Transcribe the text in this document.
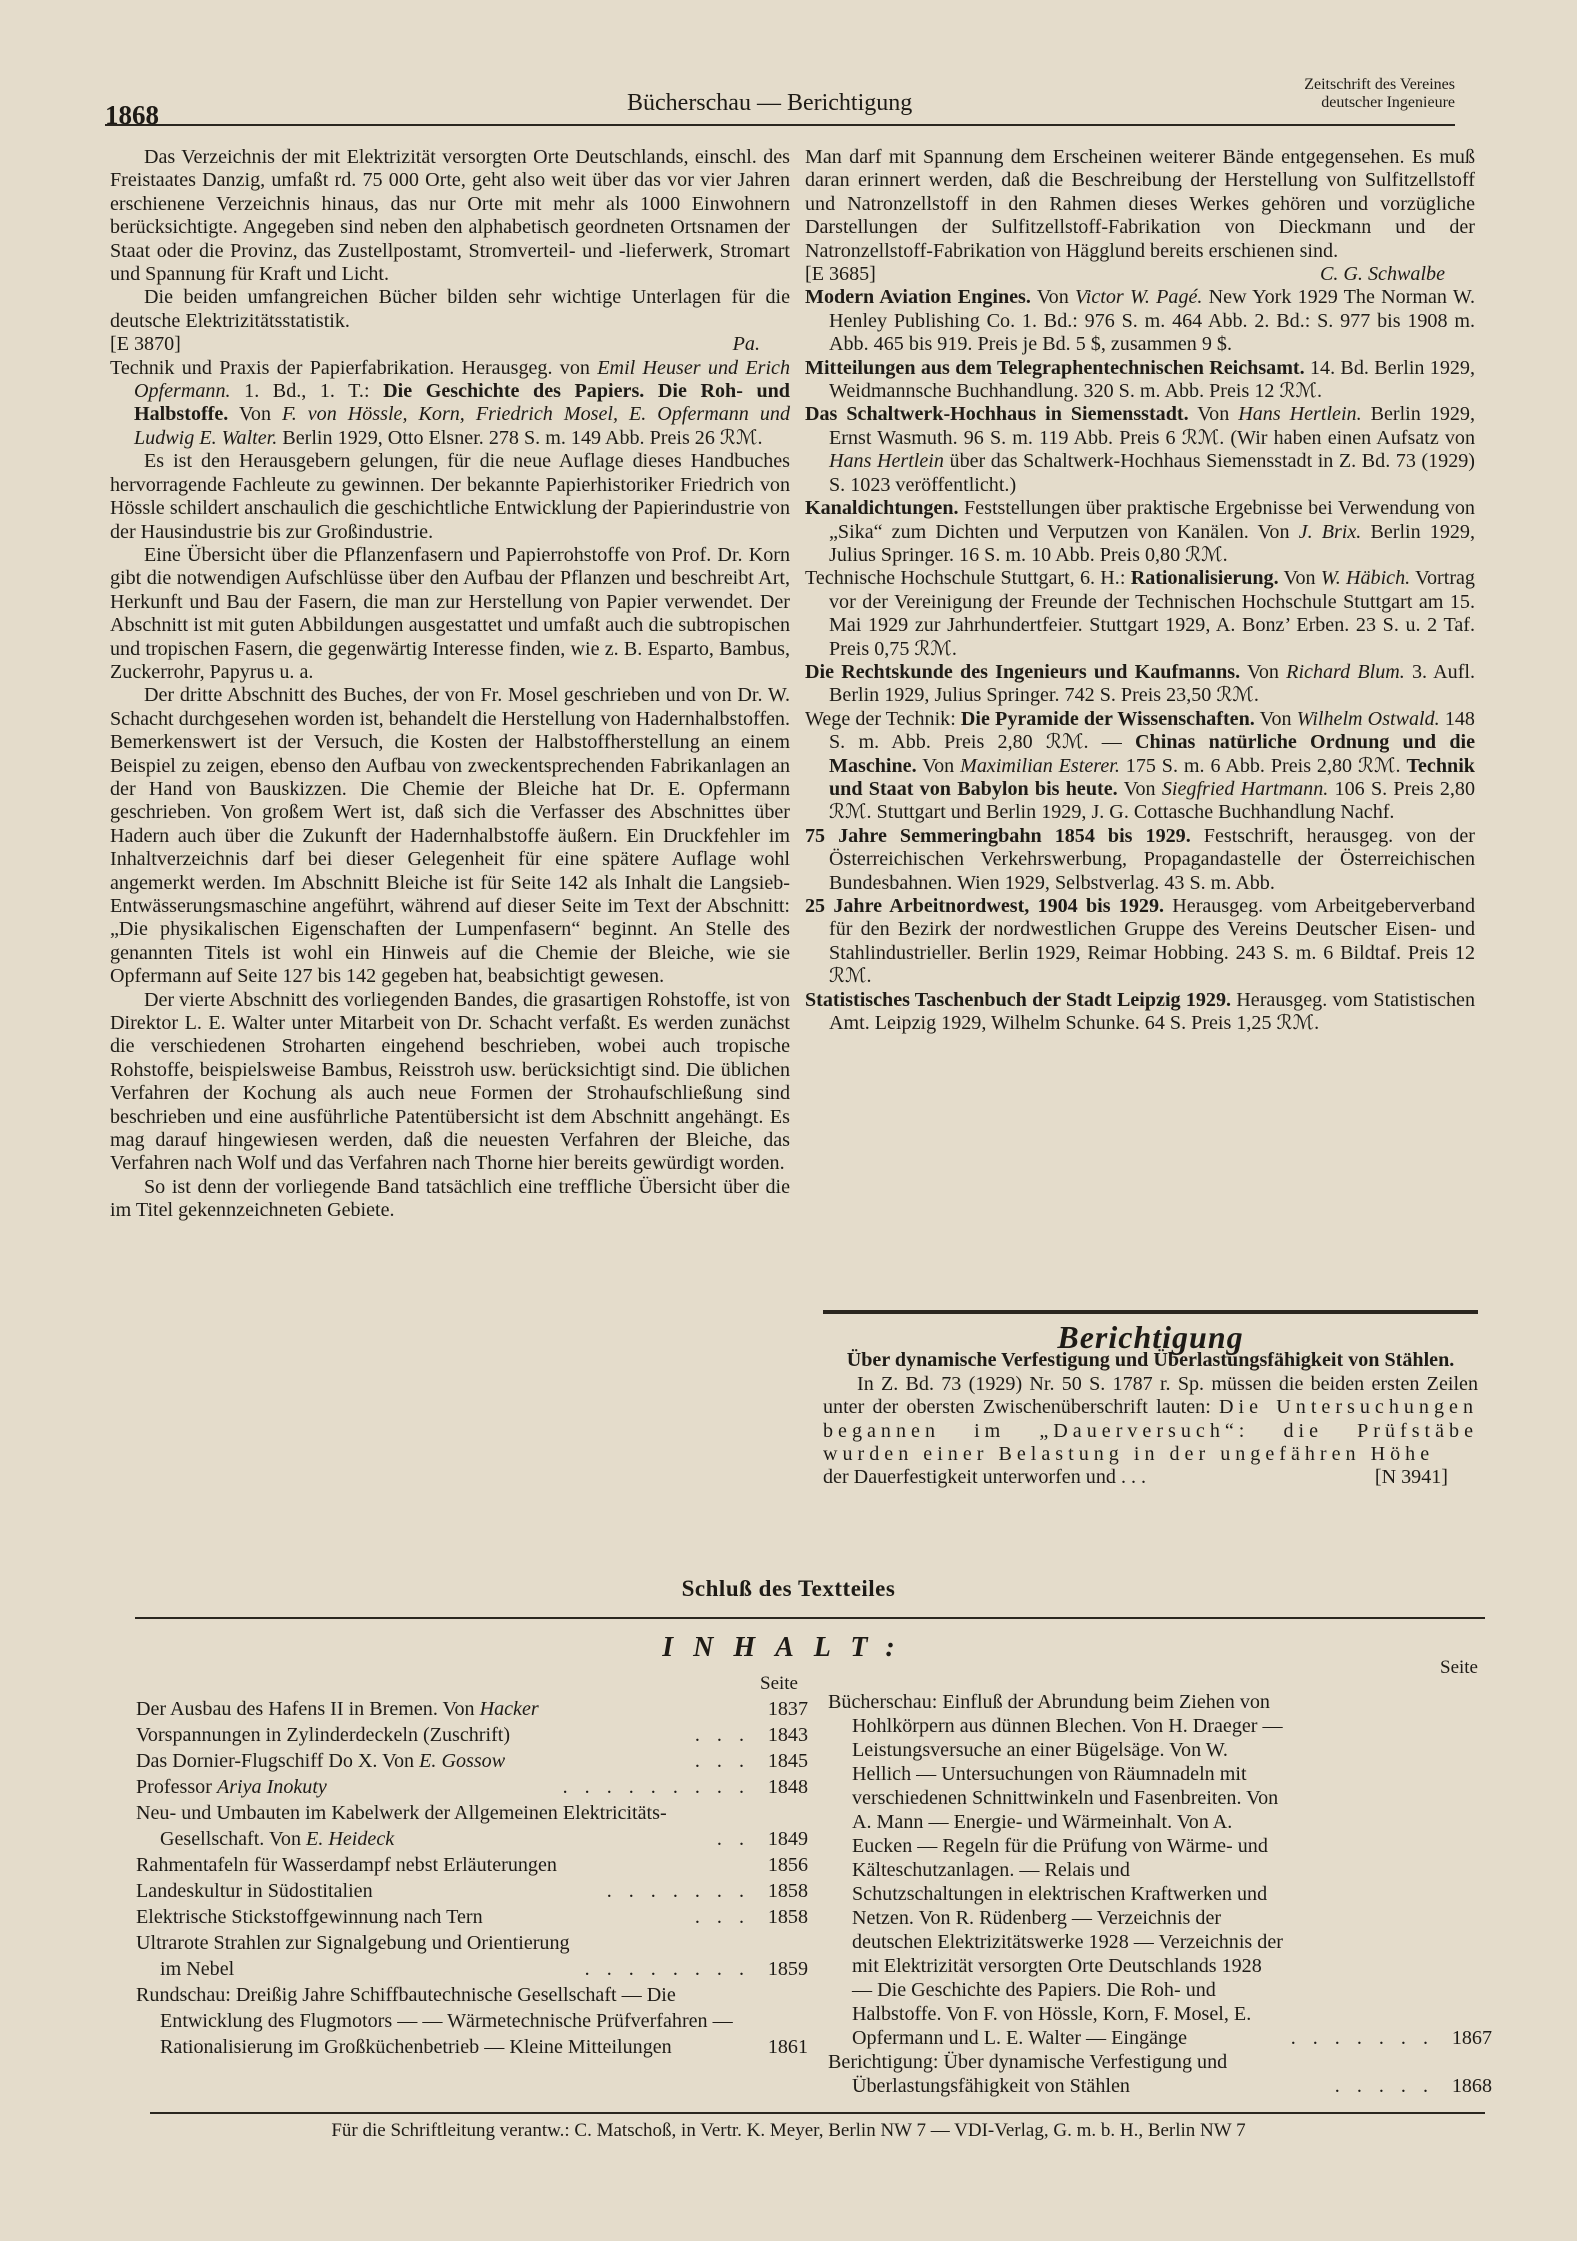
1868	Bücherschau — Berichtigung
Zeitschrift des Vereines
deutscher Ingenieure

Das Verzeichnis der mit Elektrizität versorgten Orte Deutschlands, einschl. des Freistaates Danzig, umfaßt rd. 75 000 Orte, geht also weit über das vor vier Jahren erschienene Verzeichnis hinaus, das nur Orte mit mehr als 1000 Einwohnern berücksichtigte. Angegeben sind neben den alphabetisch geordneten Ortsnamen der Staat oder die Provinz, das Zustellpostamt, Stromverteil- und -lieferwerk, Stromart und Spannung für Kraft und Licht.

Die beiden umfangreichen Bücher bilden sehr wichtige Unterlagen für die deutsche Elektrizitätsstatistik.

[E 3870]	Pa.

Technik und Praxis der Papierfabrikation. Herausgeg. von Emil Heuser und Erich Opfermann. 1. Bd., 1. T.: Die Geschichte des Papiers. Die Roh- und Halbstoffe. Von F. von Hössle, Korn, Friedrich Mosel, E. Opfermann und Ludwig E. Walter. Berlin 1929, Otto Elsner. 278 S. m. 149 Abb. Preis 26 ℛℳ.

Es ist den Herausgebern gelungen, für die neue Auflage dieses Handbuches hervorragende Fachleute zu gewinnen. Der bekannte Papierhistoriker Friedrich von Hössle schildert anschaulich die geschichtliche Entwicklung der Papierindustrie von der Hausindustrie bis zur Großindustrie.

Eine Übersicht über die Pflanzenfasern und Papierrohstoffe von Prof. Dr. Korn gibt die notwendigen Aufschlüsse über den Aufbau der Pflanzen und beschreibt Art, Herkunft und Bau der Fasern, die man zur Herstellung von Papier verwendet. Der Abschnitt ist mit guten Abbildungen ausgestattet und umfaßt auch die subtropischen und tropischen Fasern, die gegenwärtig Interesse finden, wie z. B. Esparto, Bambus, Zuckerrohr, Papyrus u. a.

Der dritte Abschnitt des Buches, der von Fr. Mosel geschrieben und von Dr. W. Schacht durchgesehen worden ist, behandelt die Herstellung von Hadernhalbstoffen. Bemerkenswert ist der Versuch, die Kosten der Halbstoffherstellung an einem Beispiel zu zeigen, ebenso den Aufbau von zweckentsprechenden Fabrikanlagen an der Hand von Bauskizzen. Die Chemie der Bleiche hat Dr. E. Opfermann geschrieben. Von großem Wert ist, daß sich die Verfasser des Abschnittes über Hadern auch über die Zukunft der Hadernhalbstoffe äußern. Ein Druckfehler im Inhaltverzeichnis darf bei dieser Gelegenheit für eine spätere Auflage wohl angemerkt werden. Im Abschnitt Bleiche ist für Seite 142 als Inhalt die Langsieb-Entwässerungsmaschine angeführt, während auf dieser Seite im Text der Abschnitt: „Die physikalischen Eigenschaften der Lumpenfasern“ beginnt. An Stelle des genannten Titels ist wohl ein Hinweis auf die Chemie der Bleiche, wie sie Opfermann auf Seite 127 bis 142 gegeben hat, beabsichtigt gewesen.

Der vierte Abschnitt des vorliegenden Bandes, die grasartigen Rohstoffe, ist von Direktor L. E. Walter unter Mitarbeit von Dr. Schacht verfaßt. Es werden zunächst die verschiedenen Stroharten eingehend beschrieben, wobei auch tropische Rohstoffe, beispielsweise Bambus, Reisstroh usw. berücksichtigt sind. Die üblichen Verfahren der Kochung als auch neue Formen der Strohaufschließung sind beschrieben und eine ausführliche Patentübersicht ist dem Abschnitt angehängt. Es mag darauf hingewiesen werden, daß die neuesten Verfahren der Bleiche, das Verfahren nach Wolf und das Verfahren nach Thorne hier bereits gewürdigt worden.

So ist denn der vorliegende Band tatsächlich eine treffliche Übersicht über die im Titel gekennzeichneten Gebiete.

Man darf mit Spannung dem Erscheinen weiterer Bände entgegensehen. Es muß daran erinnert werden, daß die Beschreibung der Herstellung von Sulfitzellstoff und Natronzellstoff in den Rahmen dieses Werkes gehören und vorzügliche Darstellungen der Sulfitzellstoff-Fabrikation von Dieckmann und der Natronzellstoff-Fabrikation von Hägglund bereits erschienen sind.

[E 3685]	C. G. Schwalbe

Modern Aviation Engines. Von Victor W. Pagé. New York 1929 The Norman W. Henley Publishing Co. 1. Bd.: 976 S. m. 464 Abb. 2. Bd.: S. 977 bis 1908 m. Abb. 465 bis 919. Preis je Bd. 5 $, zusammen 9 $.

Mitteilungen aus dem Telegraphentechnischen Reichsamt. 14. Bd. Berlin 1929, Weidmannsche Buchhandlung. 320 S. m. Abb. Preis 12 ℛℳ.

Das Schaltwerk-Hochhaus in Siemensstadt. Von Hans Hertlein. Berlin 1929, Ernst Wasmuth. 96 S. m. 119 Abb. Preis 6 ℛℳ. (Wir haben einen Aufsatz von Hans Hertlein über das Schaltwerk-Hochhaus Siemensstadt in Z. Bd. 73 (1929) S. 1023 veröffentlicht.)

Kanaldichtungen. Feststellungen über praktische Ergebnisse bei Verwendung von „Sika“ zum Dichten und Verputzen von Kanälen. Von J. Brix. Berlin 1929, Julius Springer. 16 S. m. 10 Abb. Preis 0,80 ℛℳ.

Technische Hochschule Stuttgart, 6. H.: Rationalisierung. Von W. Häbich. Vortrag vor der Vereinigung der Freunde der Technischen Hochschule Stuttgart am 15. Mai 1929 zur Jahrhundertfeier. Stuttgart 1929, A. Bonz’ Erben. 23 S. u. 2 Taf. Preis 0,75 ℛℳ.

Die Rechtskunde des Ingenieurs und Kaufmanns. Von Richard Blum. 3. Aufl. Berlin 1929, Julius Springer. 742 S. Preis 23,50 ℛℳ.

Wege der Technik: Die Pyramide der Wissenschaften. Von Wilhelm Ostwald. 148 S. m. Abb. Preis 2,80 ℛℳ. — Chinas natürliche Ordnung und die Maschine. Von Maximilian Esterer. 175 S. m. 6 Abb. Preis 2,80 ℛℳ. Technik und Staat von Babylon bis heute. Von Siegfried Hartmann. 106 S. Preis 2,80 ℛℳ. Stuttgart und Berlin 1929, J. G. Cottasche Buchhandlung Nachf.

75 Jahre Semmeringbahn 1854 bis 1929. Festschrift, herausgeg. von der Österreichischen Verkehrswerbung, Propagandastelle der Österreichischen Bundesbahnen. Wien 1929, Selbstverlag. 43 S. m. Abb.

25 Jahre Arbeitnordwest, 1904 bis 1929. Herausgeg. vom Arbeitgeberverband für den Bezirk der nordwestlichen Gruppe des Vereins Deutscher Eisen- und Stahlindustrieller. Berlin 1929, Reimar Hobbing. 243 S. m. 6 Bildtaf. Preis 12 ℛℳ.

Statistisches Taschenbuch der Stadt Leipzig 1929. Herausgeg. vom Statistischen Amt. Leipzig 1929, Wilhelm Schunke. 64 S. Preis 1,25 ℛℳ.

Berichtigung

Über dynamische Verfestigung und Überlastungsfähigkeit von Stählen.

In Z. Bd. 73 (1929) Nr. 50 S. 1787 r. Sp. müssen die beiden ersten Zeilen unter der obersten Zwischenüberschrift lauten: Die Untersuchungen begannen im „Dauerversuch“: die Prüfstäbe wurden einer Belastung in der ungefähren Höhe

der Dauerfestigkeit unterworfen und . . .	[N 3941]

Schluß des Textteiles
INHALT:
Seite
Seite
Der Ausbau des Hafens II in Bremen. Von Hacker	1837
Vorspannungen in Zylinderdeckeln (Zuschrift)	. . . 1843
Das Dornier-Flugschiff Do X. Von E. Gossow	. . . 1845
Professor Ariya Inokuty	. . . . . . . . . 1848
Neu- und Umbauten im Kabelwerk der Allgemeinen Elektricitäts-Gesellschaft. Von E. Heideck	. . 1849
Rahmentafeln für Wasserdampf nebst Erläuterungen	1856
Landeskultur in Südostitalien	. . . . . . . 1858
Elektrische Stickstoffgewinnung nach Tern	. . . 1858
Ultrarote Strahlen zur Signalgebung und Orientierung im Nebel	. . . . . . . . 1859
Rundschau: Dreißig Jahre Schiffbautechnische Gesellschaft — Die Entwicklung des Flugmotors — — Wärmetechnische Prüfverfahren — Rationalisierung im Großküchenbetrieb — Kleine Mitteilungen	1861
Bücherschau: Einfluß der Abrundung beim Ziehen von Hohlkörpern aus dünnen Blechen. Von H. Draeger — Leistungsversuche an einer Bügelsäge. Von W. Hellich — Untersuchungen von Räumnadeln mit verschiedenen Schnittwinkeln und Fasenbreiten. Von A. Mann — Energie- und Wärmeinhalt. Von A. Eucken — Regeln für die Prüfung von Wärme- und Kälteschutzanlagen. — Relais und Schutzschaltungen in elektrischen Kraftwerken und Netzen. Von R. Rüdenberg — Verzeichnis der deutschen Elektrizitätswerke 1928 — Verzeichnis der mit Elektrizität versorgten Orte Deutschlands 1928 — Die Geschichte des Papiers. Die Roh- und Halbstoffe. Von F. von Hössle, Korn, F. Mosel, E. Opfermann und L. E. Walter — Eingänge	. . . . . . . 1867
Berichtigung: Über dynamische Verfestigung und Überlastungsfähigkeit von Stählen	. . . . . 1868
Für die Schriftleitung verantw.: C. Matschoß, in Vertr. K. Meyer, Berlin NW 7 — VDI-Verlag, G. m. b. H., Berlin NW 7
